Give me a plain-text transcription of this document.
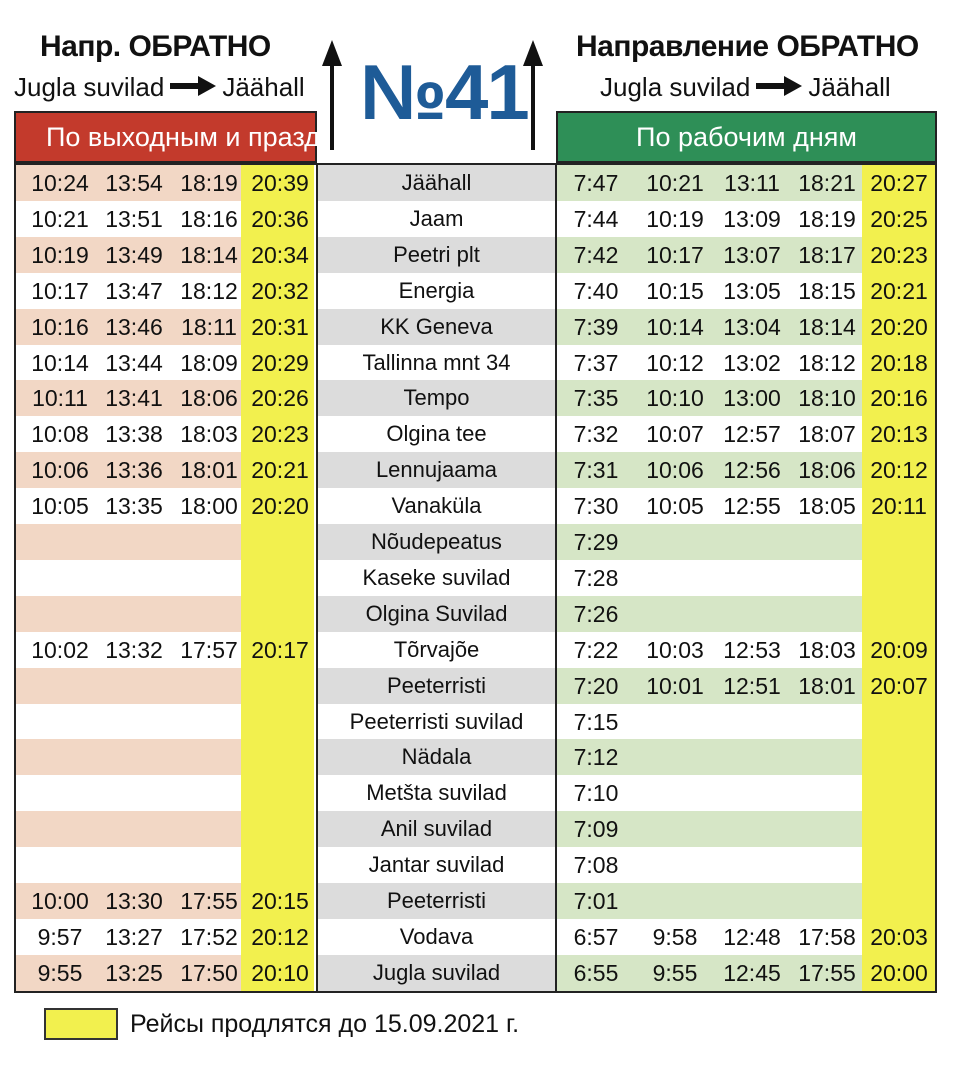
Напр. ОБРАТНО
Jugla suvilad Jäähall №41
Направление ОБРАТНО
Jugla suvilad Jäähall
По выходным и празд-	По рабочим дням
10:24 13:54 18:19 20:39	Jäähall	7:47	10:21 13:11 18:21 20:27
10:21 13:51 18:16 20:36	Jaam	7:44	10:19 13:09 18:19 20:25
10:19 13:49 18:14 20:34	Peetri plt	7:42	10:17 13:07 18:17 20:23
10:17 13:47 18:12 20:32	Energia	7:40	10:15 13:05 18:15 20:21
10:16 13:46 18:11 20:31	KK Geneva	7:39	10:14 13:04 18:14 20:20
10:14 13:44 18:09 20:29	Tallinna mnt 34	7:37	10:12 13:02 18:12 20:18
10:11 13:41 18:06 20:26	Tempo	7:35	10:10 13:00 18:10 20:16
10:08 13:38 18:03 20:23	Olgina tee	7:32	10:07 12:57 18:07 20:13
10:06 13:36 18:01 20:21	Lennujaama	7:31	10:06 12:56 18:06 20:12
10:05 13:35 18:00 20:20	Vanaküla	7:30	10:05 12:55 18:05 20:11
Nõudepeatus	7:29
Kaseke suvilad	7:28
Olgina Suvilad	7:26
10:02 13:32 17:57 20:17	Tõrvajõe	7:22	10:03 12:53 18:03 20:09
Peeterristi	7:20	10:01 12:51 18:01 20:07
Peeterristi suvilad	7:15
Nädala	7:12
Metšta suvilad	7:10
Anil suvilad	7:09
Jantar suvilad	7:08
10:00 13:30 17:55 20:15	Peeterristi	7:01
9:57 13:27 17:52 20:12	Vodava	6:57	9:58	12:48 17:58 20:03
9:55 13:25 17:50 20:10	Jugla suvilad	6:55	9:55	12:45 17:55 20:00
Рейсы продлятся до 15.09.2021 г.
